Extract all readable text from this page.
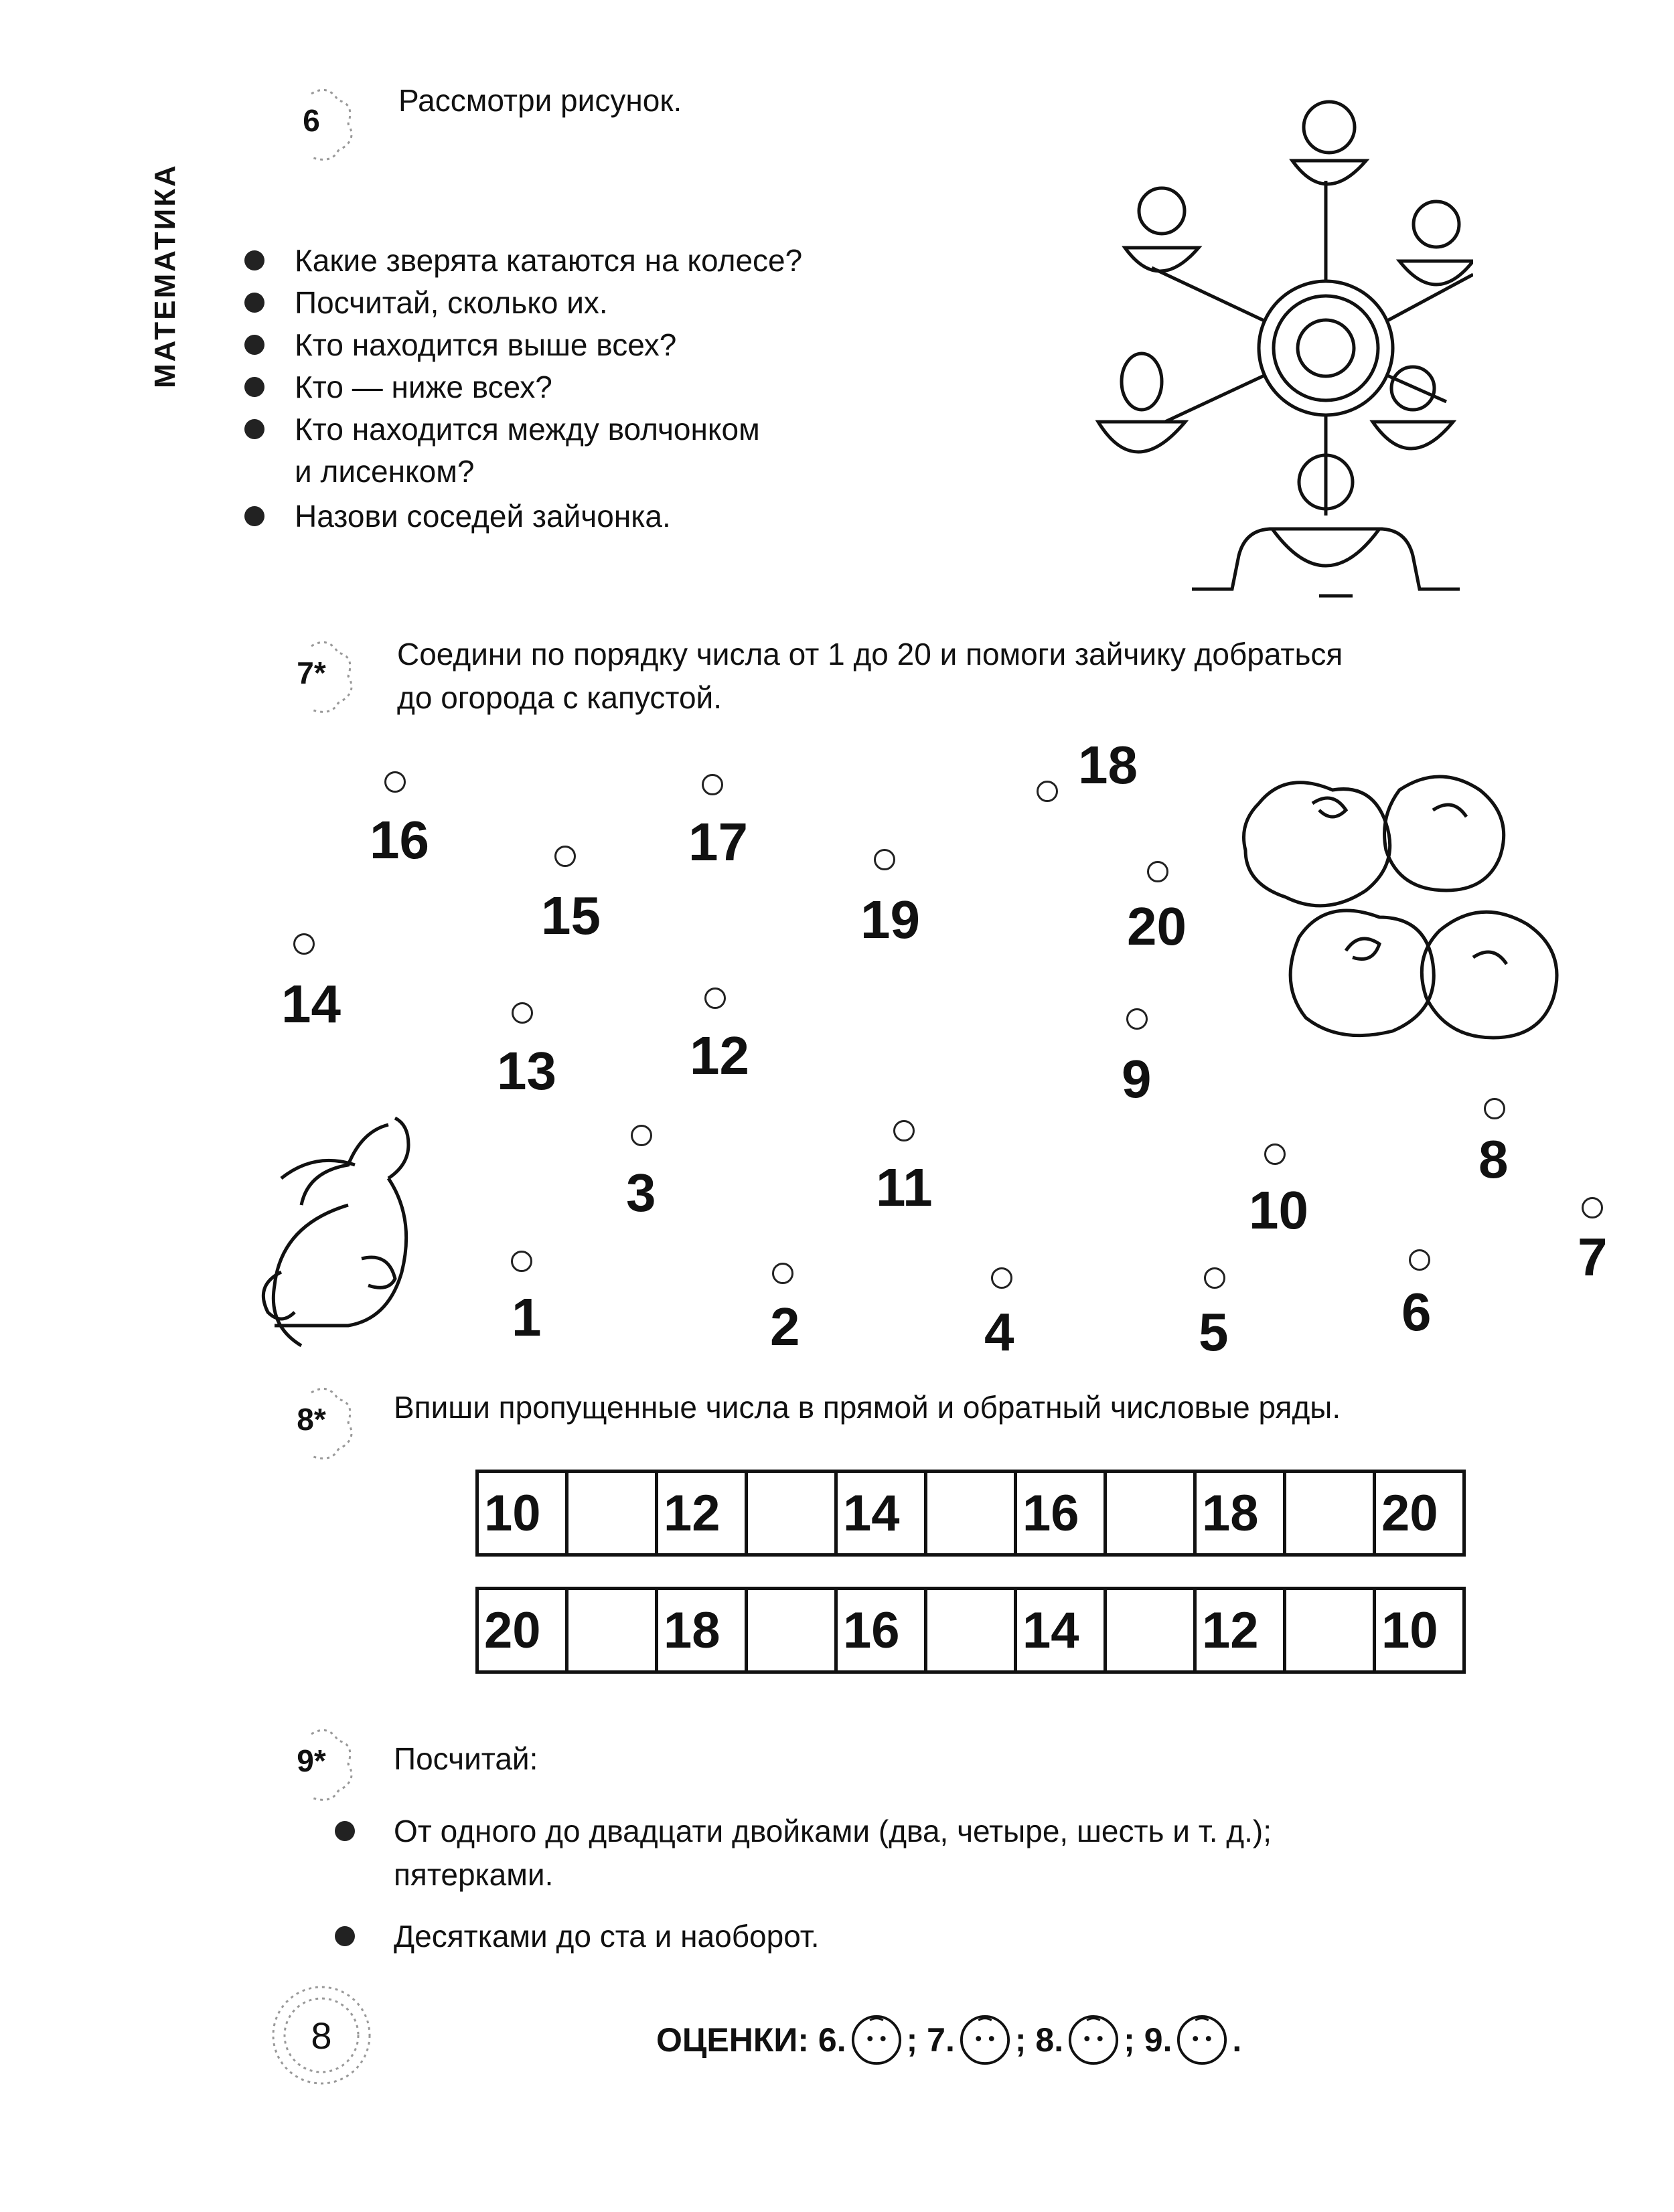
МАТЕМАТИКА
6
Рассмотри рисунок.
Какие зверята катаются на колесе?
Посчитай, сколько их.
Кто находится выше всех?
Кто — ниже всех?
Кто находится между волчонком
и лисенком?
Назови соседей зайчонка.
7*
Соедини по порядку числа от 1 до 20 и помоги зайчику добраться
до огорода с капустой.
16	17
18
15	19	20
14
13 12	9
3	11	8
10
7
1	2	4	5	6
8*	Впиши пропущенные числа в прямой и обратный числовые ряды.
10		12		14		16		18		20
20		18		16		14		12		10
9*	Посчитай:
От одного до двадцати двойками (два, четыре, шесть и т. д.);
пятерками.
Десятками до ста и наоборот.
8	ОЦЕНКИ:
6. ;
7. ;
8. ;
9. .
